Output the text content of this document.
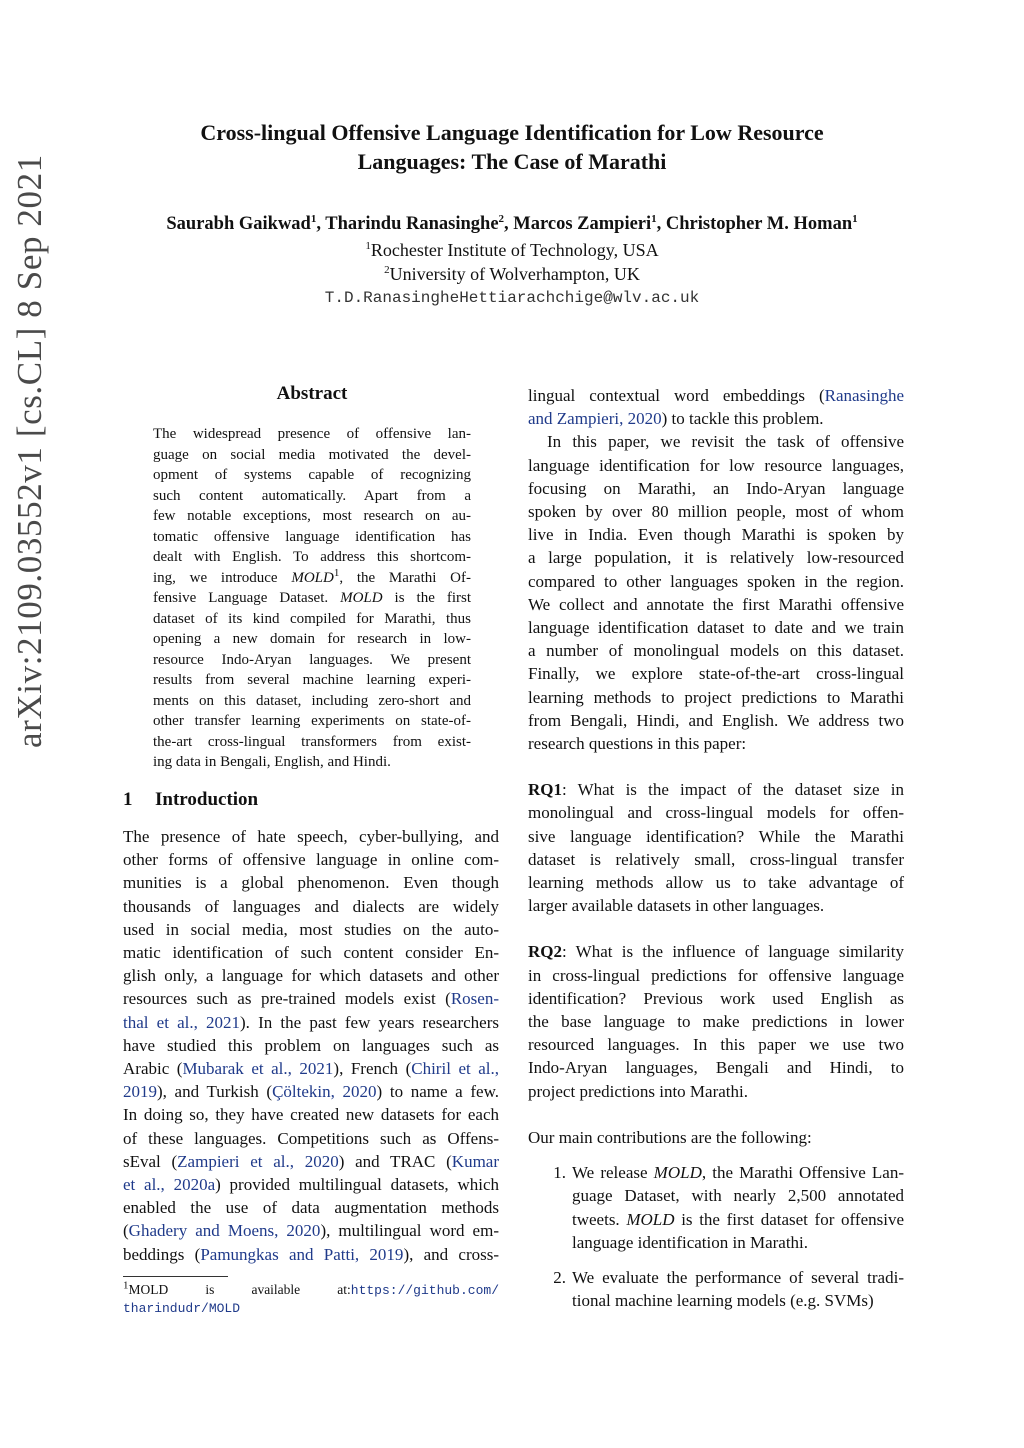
Cross-lingual Offensive Language Identification for Low Resource
Languages: The Case of Marathi
Saurabh Gaikwad$^1$, Tharindu Ranasinghe$^2$, Marcos Zampieri$^1$, Christopher M. Homan$^1$
$^1$Rochester Institute of Technology, USA
$^2$University of Wolverhampton, UK
T.D.RanasingheHettiarachchige@wlv.ac.uk
arXiv:2109.03552v1 [cs.CL] 8 Sep 2021	Abstract
The widespread presence of offensive lan-
guage on social media motivated the devel-
opment of systems capable of recognizing
such content automatically. Apart from a
few notable exceptions, most research on au-
tomatic offensive language identification has
dealt with English. To address this shortcom-
ing, we introduce MOLD$^1$, the Marathi Of-
fensive Language Dataset. MOLD is the first
dataset of its kind compiled for Marathi, thus
opening a new domain for research in low-
resource Indo-Aryan languages. We present
results from several machine learning experi-
ments on this dataset, including zero-short and
other transfer learning experiments on state-of-
the-art cross-lingual transformers from exist-
ing data in Bengali, English, and Hindi.
1 Introduction
The presence of hate speech, cyber-bullying, and
other forms of offensive language in online com-
munities is a global phenomenon. Even though
thousands of languages and dialects are widely
used in social media, most studies on the auto-
matic identification of such content consider En-
glish only, a language for which datasets and other
resources such as pre-trained models exist (Rosen-
thal et al., 2021). In the past few years researchers
have studied this problem on languages such as
Arabic (Mubarak et al., 2021), French (Chiril et al.,
2019), and Turkish (Çöltekin, 2020) to name a few.
In doing so, they have created new datasets for each
of these languages. Competitions such as Offens-
sEval (Zampieri et al., 2020) and TRAC (Kumar
et al., 2020a) provided multilingual datasets, which
enabled the use of data augmentation methods
(Ghadery and Moens, 2020), multilingual word em-
beddings (Pamungkas and Patti, 2019), and cross-
$^1$MOLD is available at:https://github.com/
tharindudr/MOLD
lingual contextual word embeddings (Ranasinghe
and Zampieri, 2020) to tackle this problem.
In this paper, we revisit the task of offensive
language identification for low resource languages,
focusing on Marathi, an Indo-Aryan language
spoken by over 80 million people, most of whom
live in India. Even though Marathi is spoken by
a large population, it is relatively low-resourced
compared to other languages spoken in the region.
We collect and annotate the first Marathi offensive
language identification dataset to date and we train
a number of monolingual models on this dataset.
Finally, we explore state-of-the-art cross-lingual
learning methods to project predictions to Marathi
from Bengali, Hindi, and English. We address two
research questions in this paper:
RQ1: What is the impact of the dataset size in
monolingual and cross-lingual models for offen-
sive language identification? While the Marathi
dataset is relatively small, cross-lingual transfer
learning methods allow us to take advantage of
larger available datasets in other languages.
RQ2: What is the influence of language similarity
in cross-lingual predictions for offensive language
identification? Previous work used English as
the base language to make predictions in lower
resourced languages. In this paper we use two
Indo-Aryan languages, Bengali and Hindi, to
project predictions into Marathi.
Our main contributions are the following:
1. We release MOLD, the Marathi Offensive Lan-
guage Dataset, with nearly 2,500 annotated
tweets. MOLD is the first dataset for offensive
language identification in Marathi.
2. We evaluate the performance of several tradi-
tional machine learning models (e.g. SVMs)
